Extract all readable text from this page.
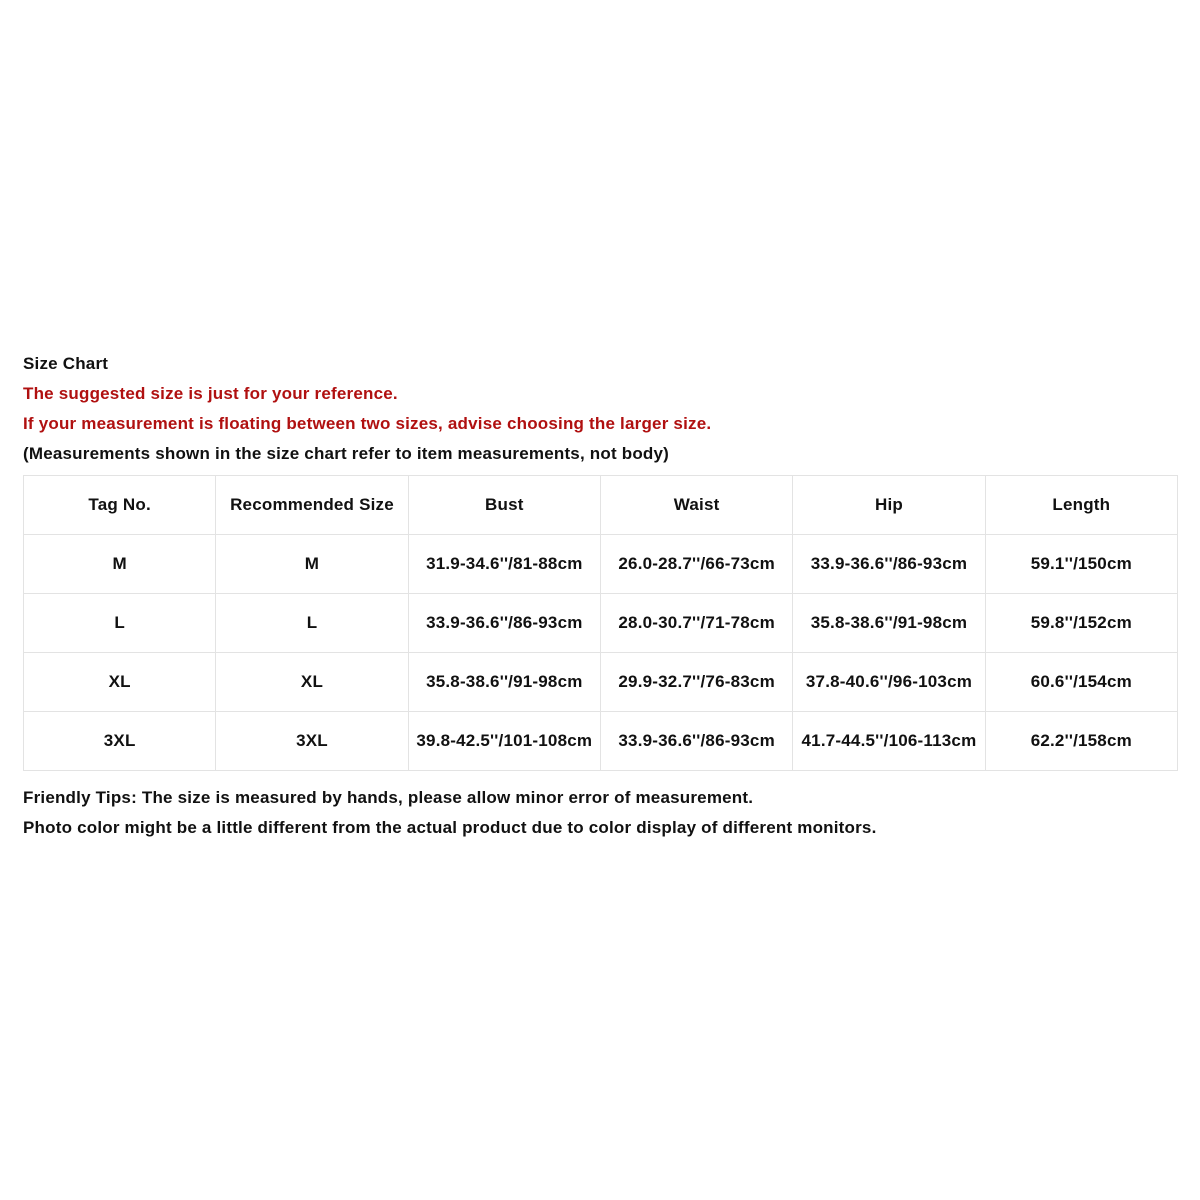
Size Chart
The suggested size is just for your reference.
If your measurement is floating between two sizes, advise choosing the larger size.
(Measurements shown in the size chart refer to item measurements, not body)
Tag No.	Recommended Size	Bust	Waist	Hip	Length
M	M	31.9-34.6''/81-88cm	26.0-28.7''/66-73cm	33.9-36.6''/86-93cm	59.1''/150cm
L	L	33.9-36.6''/86-93cm	28.0-30.7''/71-78cm	35.8-38.6''/91-98cm	59.8''/152cm
XL	XL	35.8-38.6''/91-98cm	29.9-32.7''/76-83cm	37.8-40.6''/96-103cm	60.6''/154cm
3XL	3XL	39.8-42.5''/101-108cm	33.9-36.6''/86-93cm	41.7-44.5''/106-113cm	62.2''/158cm
Friendly Tips: The size is measured by hands, please allow minor error of measurement.
Photo color might be a little different from the actual product due to color display of different monitors.
